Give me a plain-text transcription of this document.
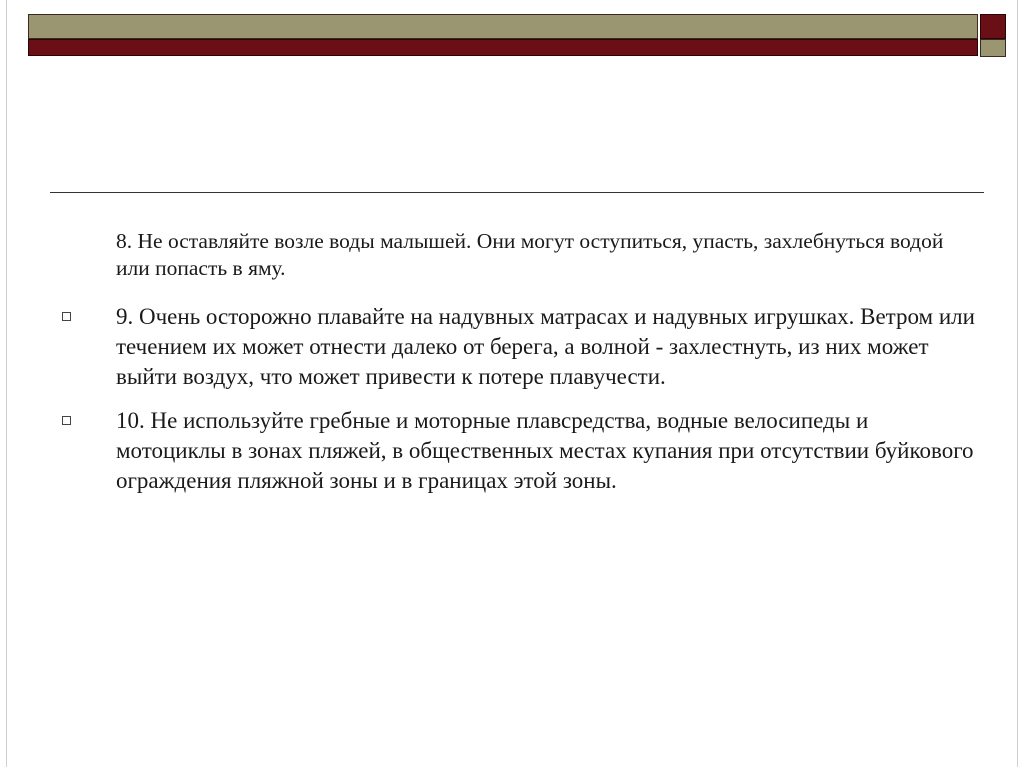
8. Не оставляйте возле воды малышей. Они могут оступиться, упасть, захлебнуться водой или попасть в яму.
9. Очень осторожно плавайте на надувных матрасах и надувных игрушках. Ветром или течением их может отнести далеко от берега, а волной - захлестнуть, из них может выйти воздух, что может привести к потере плавучести.
10. Не используйте гребные и моторные плавсредства, водные велосипеды и мотоциклы в зонах пляжей, в общественных местах купания при отсутствии буйкового ограждения пляжной зоны и в границах этой зоны.
